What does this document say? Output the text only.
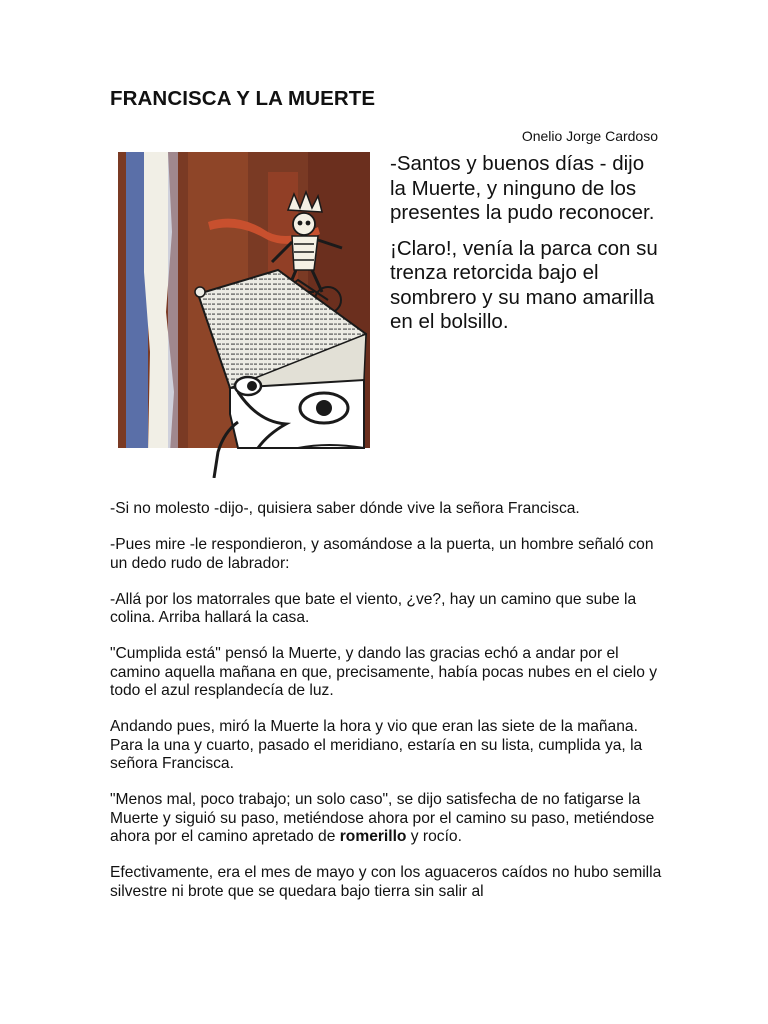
FRANCISCA Y LA MUERTE
Onelio Jorge Cardoso

-Santos y buenos días - dijo la Muerte, y ninguno de los presentes la pudo reconocer.

¡Claro!, venía la parca con su trenza retorcida bajo el sombrero y su mano amarilla en el bolsillo.

-Si no molesto -dijo-, quisiera saber dónde vive la señora Francisca.

-Pues mire -le respondieron, y asomándose a la puerta, un hombre señaló con un dedo rudo de labrador:

-Allá por los matorrales que bate el viento, ¿ve?, hay un camino que sube la colina. Arriba hallará la casa.

"Cumplida está" pensó la Muerte, y dando las gracias echó a andar por el camino aquella mañana en que, precisamente, había pocas nubes en el cielo y todo el azul resplandecía de luz.

Andando pues, miró la Muerte la hora y vio que eran las siete de la mañana. Para la una y cuarto, pasado el meridiano, estaría en su lista, cumplida ya, la señora Francisca.

"Menos mal, poco trabajo; un solo caso", se dijo satisfecha de no fatigarse la Muerte y siguió su paso, metiéndose ahora por el camino su paso, metiéndose ahora por el camino apretado de romerillo y rocío.

Efectivamente, era el mes de mayo y con los aguaceros caídos no hubo semilla silvestre ni brote que se quedara bajo tierra sin salir al
